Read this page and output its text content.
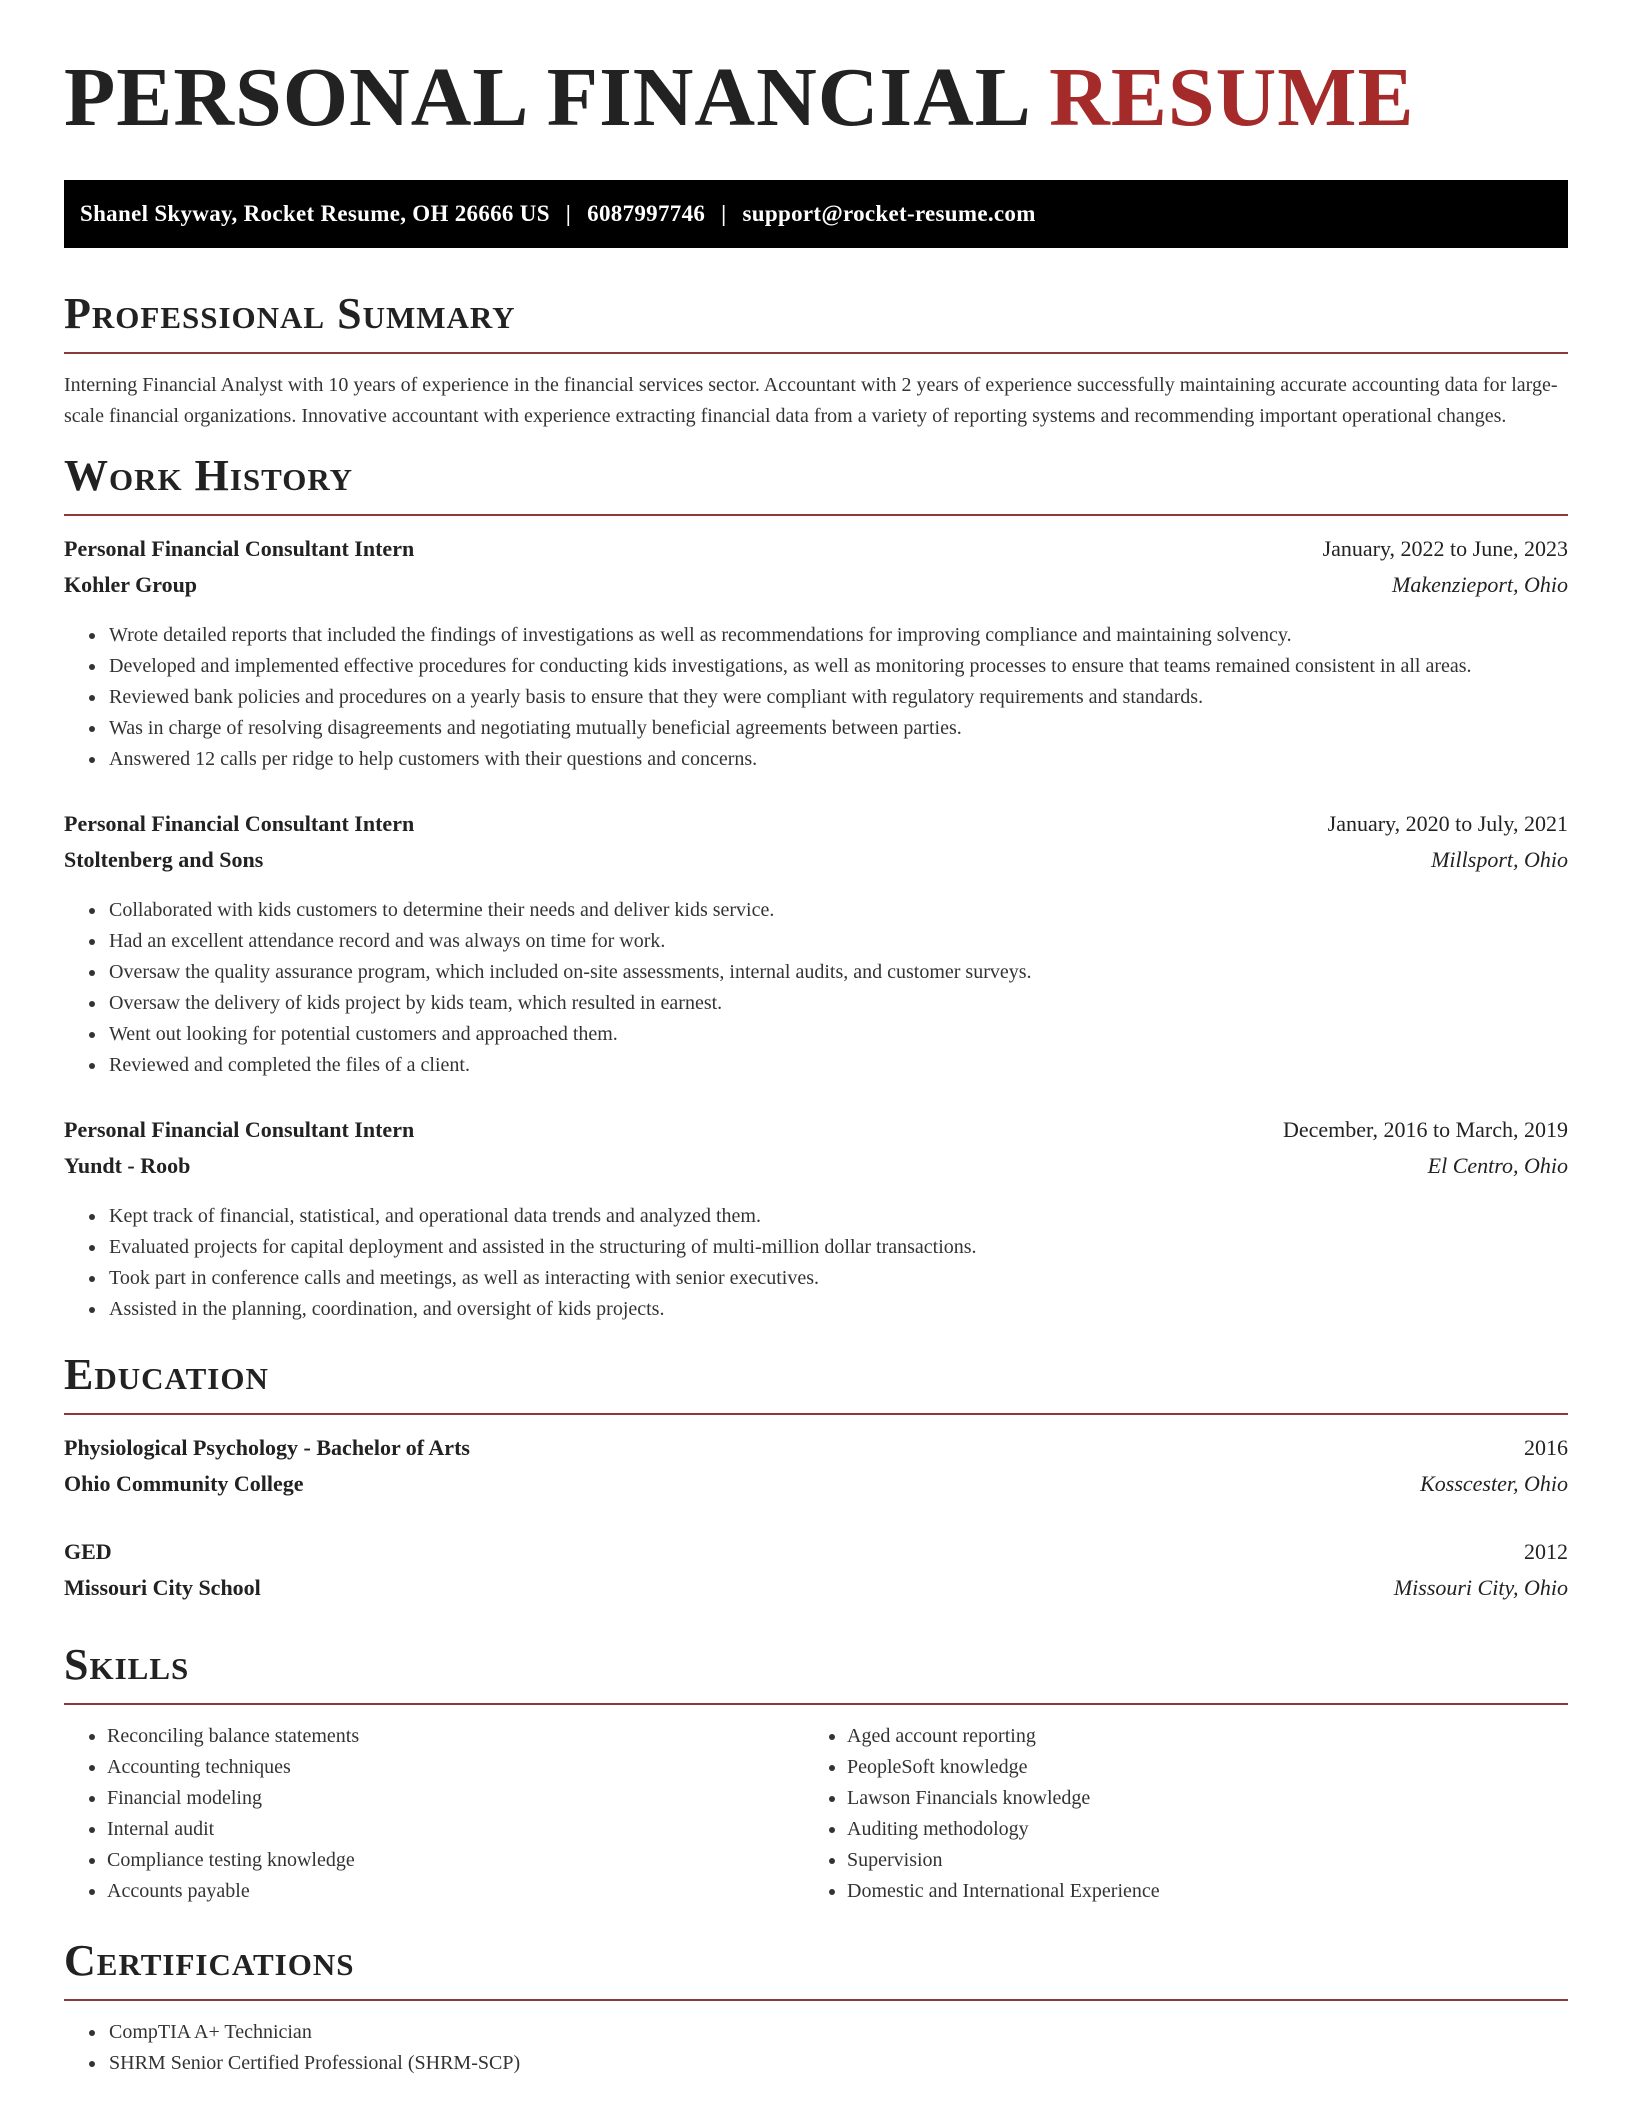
PERSONAL FINANCIAL RESUME
Shanel Skyway, Rocket Resume, OH 26666 US | 6087997746 | support@rocket-resume.com
Professional Summary

Interning Financial Analyst with 10 years of experience in the financial services sector. Accountant with 2 years of experience successfully maintaining accurate accounting data for large-scale financial organizations. Innovative accountant with experience extracting financial data from a variety of reporting systems and recommending important operational changes.

Work History
Personal Financial Consultant Intern	January, 2022 to June, 2023
Kohler Group	Makenzieport, Ohio
• Wrote detailed reports that included the findings of investigations as well as recommendations for improving compliance and maintaining solvency.
• Developed and implemented effective procedures for conducting kids investigations, as well as monitoring processes to ensure that teams remained consistent in all areas.
• Reviewed bank policies and procedures on a yearly basis to ensure that they were compliant with regulatory requirements and standards.
• Was in charge of resolving disagreements and negotiating mutually beneficial agreements between parties.
• Answered 12 calls per ridge to help customers with their questions and concerns.
Personal Financial Consultant Intern	January, 2020 to July, 2021
Stoltenberg and Sons	Millsport, Ohio
• Collaborated with kids customers to determine their needs and deliver kids service.
• Had an excellent attendance record and was always on time for work.
• Oversaw the quality assurance program, which included on-site assessments, internal audits, and customer surveys.
• Oversaw the delivery of kids project by kids team, which resulted in earnest.
• Went out looking for potential customers and approached them.
• Reviewed and completed the files of a client.
Personal Financial Consultant Intern	December, 2016 to March, 2019
Yundt - Roob	El Centro, Ohio
• Kept track of financial, statistical, and operational data trends and analyzed them.
• Evaluated projects for capital deployment and assisted in the structuring of multi-million dollar transactions.
• Took part in conference calls and meetings, as well as interacting with senior executives.
• Assisted in the planning, coordination, and oversight of kids projects.
Education
Physiological Psychology - Bachelor of Arts	2016
Ohio Community College	Kosscester, Ohio
GED	2012
Missouri City School	Missouri City, Ohio
Skills
• Reconciling balance statements
• Accounting techniques
• Financial modeling
• Internal audit
• Compliance testing knowledge
• Accounts payable
• Aged account reporting
• PeopleSoft knowledge
• Lawson Financials knowledge
• Auditing methodology
• Supervision
• Domestic and International Experience
Certifications
• CompTIA A+ Technician
• SHRM Senior Certified Professional (SHRM-SCP)
